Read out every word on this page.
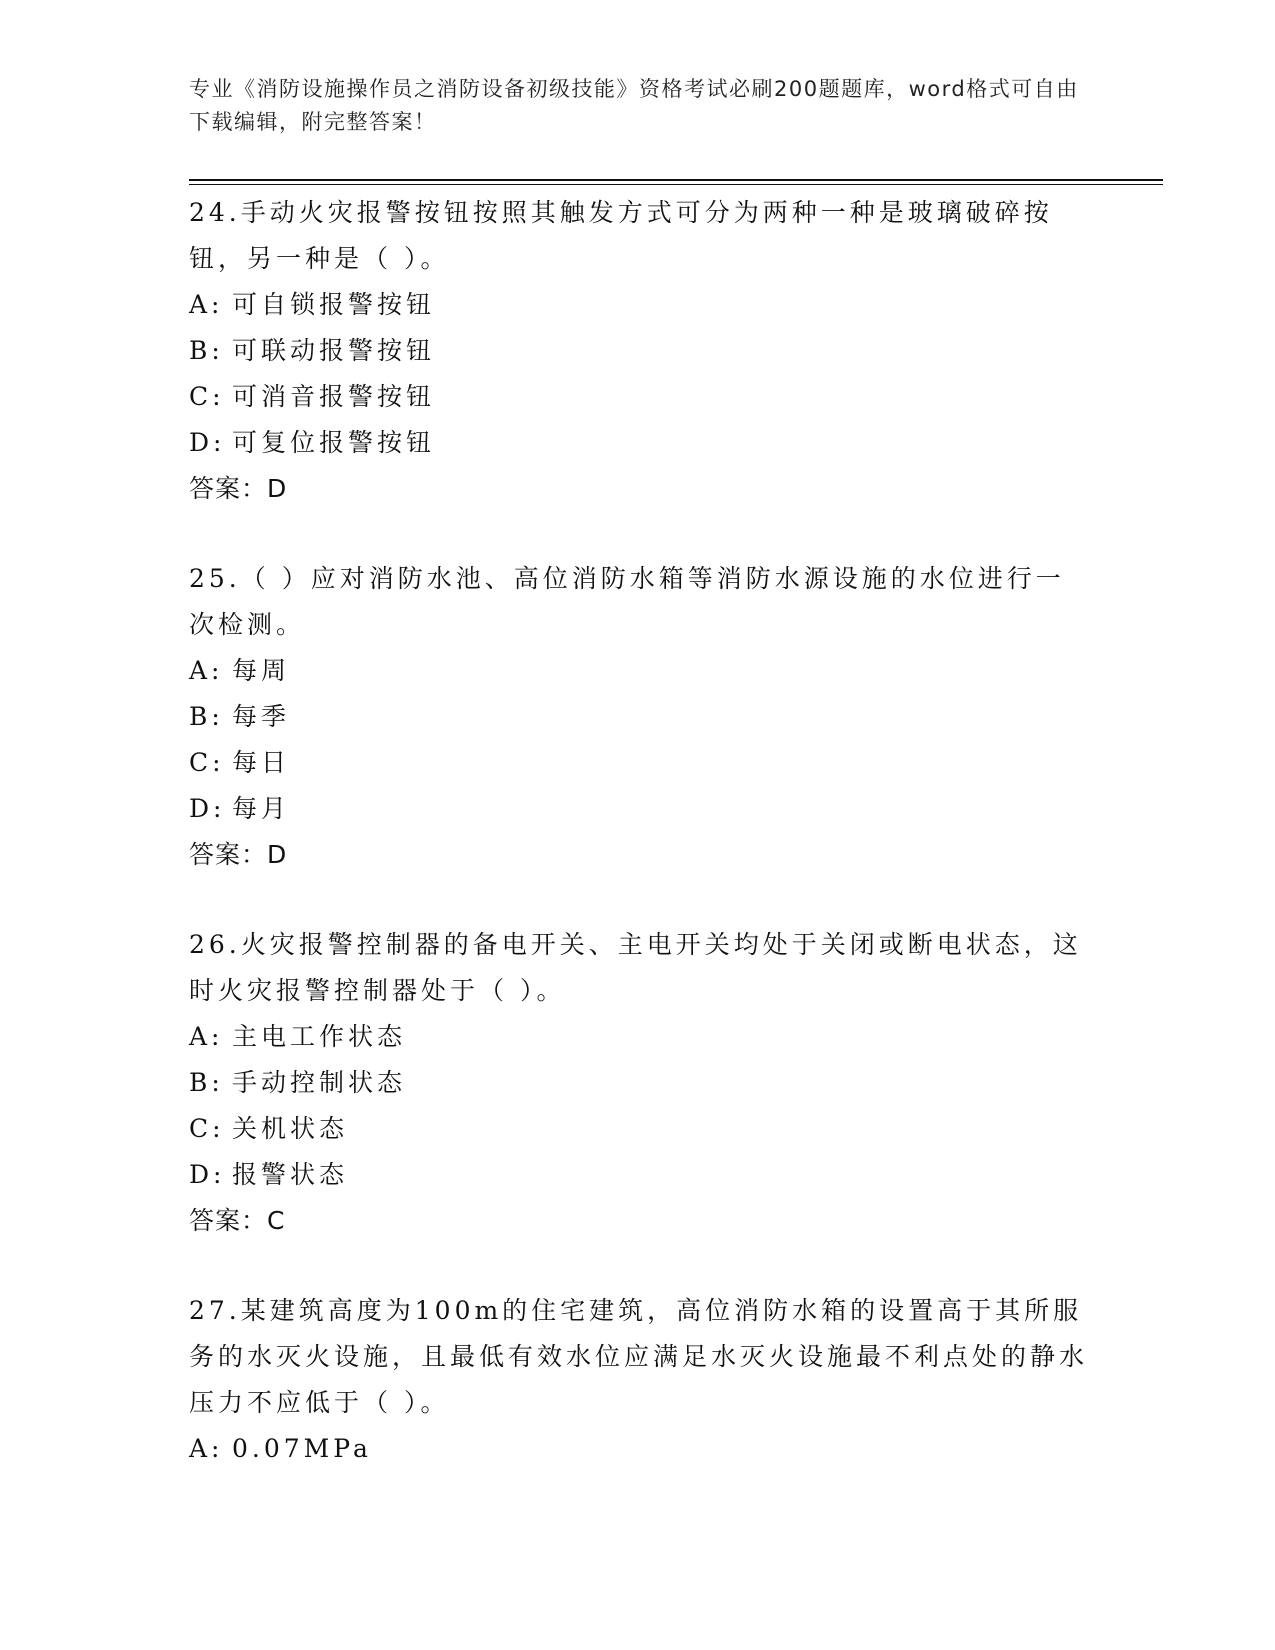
专业《消防设施操作员之消防设备初级技能》资格考试必刷200题题库，word格式可自由下载编辑，附完整答案！
24.手动火灾报警按钮按照其触发方式可分为两种一种是玻璃破碎按钮，另一种是（ ）。
A: 可自锁报警按钮
B: 可联动报警按钮
C: 可消音报警按钮
D: 可复位报警按钮
答案：D
25.（ ）应对消防水池、高位消防水箱等消防水源设施的水位进行一次检测。
A: 每周
B: 每季
C: 每日
D: 每月
答案：D
26.火灾报警控制器的备电开关、主电开关均处于关闭或断电状态，这时火灾报警控制器处于（ ）。
A: 主电工作状态
B: 手动控制状态
C: 关机状态
D: 报警状态
答案：C
27.某建筑高度为100m的住宅建筑，高位消防水箱的设置高于其所服务的水灭火设施，且最低有效水位应满足水灭火设施最不利点处的静水压力不应低于（ ）。
A: 0.07MPa
